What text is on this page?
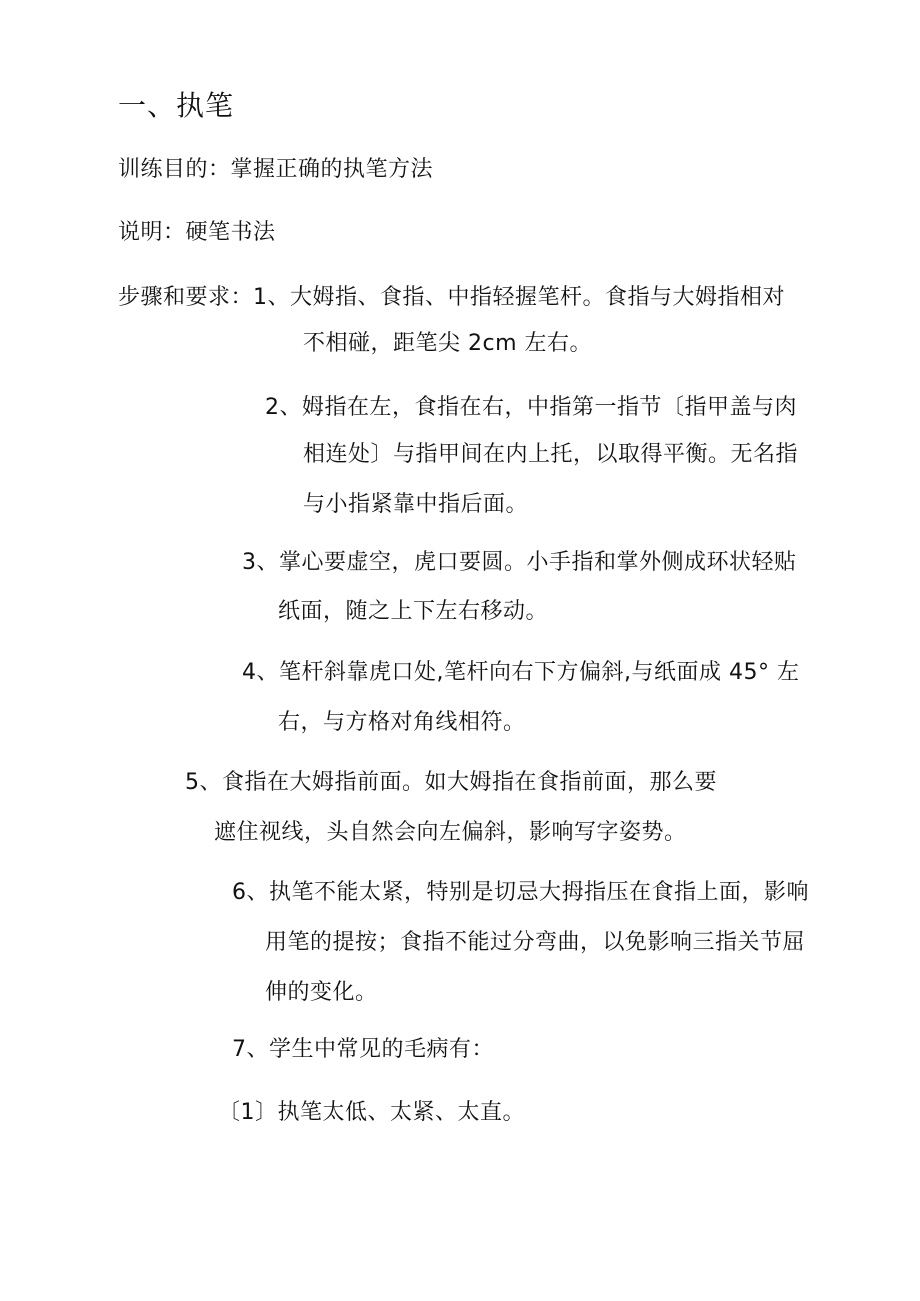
一、执笔
训练目的：掌握正确的执笔方法
说明：硬笔书法
步骤和要求：1、大姆指、食指、中指轻握笔杆。食指与大姆指相对
不相碰，距笔尖 2cm 左右。
2、姆指在左，食指在右，中指第一指节〔指甲盖与肉
相连处〕与指甲间在内上托，以取得平衡。无名指
与小指紧靠中指后面。
3、掌心要虚空，虎口要圆。小手指和掌外侧成环状轻贴
纸面，随之上下左右移动。
4、笔杆斜靠虎口处,笔杆向右下方偏斜,与纸面成 45° 左
右，与方格对角线相符。
5、食指在大姆指前面。如大姆指在食指前面，那么要
遮住视线，头自然会向左偏斜，影响写字姿势。
6、执笔不能太紧，特别是切忌大拇指压在食指上面，影响
用笔的提按；食指不能过分弯曲，以免影响三指关节屈
伸的变化。
7、学生中常见的毛病有：
〔1〕执笔太低、太紧、太直。
